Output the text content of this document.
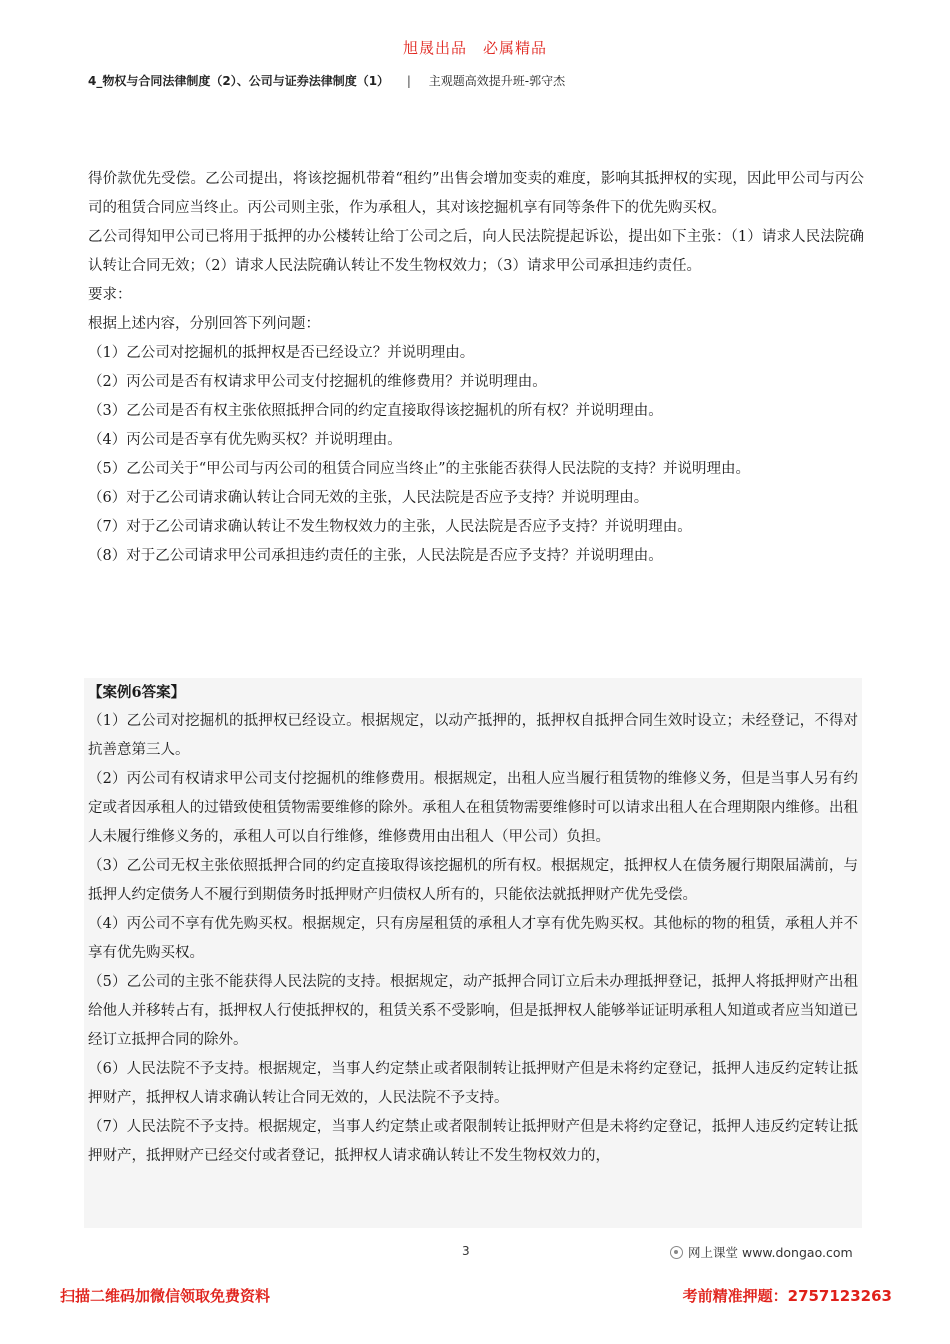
旭晟出品　必属精品
4_物权与合同法律制度（2）、公司与证券法律制度（1） | 主观题高效提升班-郭守杰

得价款优先受偿。乙公司提出，将该挖掘机带着“租约”出售会增加变卖的难度，影响其抵押权的实现，因此甲公司与丙公司的租赁合同应当终止。丙公司则主张，作为承租人，其对该挖掘机享有同等条件下的优先购买权。

乙公司得知甲公司已将用于抵押的办公楼转让给丁公司之后，向人民法院提起诉讼，提出如下主张：（1）请求人民法院确认转让合同无效；（2）请求人民法院确认转让不发生物权效力；（3）请求甲公司承担违约责任。

要求：

根据上述内容，分别回答下列问题：

（1）乙公司对挖掘机的抵押权是否已经设立？并说明理由。

（2）丙公司是否有权请求甲公司支付挖掘机的维修费用？并说明理由。

（3）乙公司是否有权主张依照抵押合同的约定直接取得该挖掘机的所有权？并说明理由。

（4）丙公司是否享有优先购买权？并说明理由。

（5）乙公司关于“甲公司与丙公司的租赁合同应当终止”的主张能否获得人民法院的支持？并说明理由。

（6）对于乙公司请求确认转让合同无效的主张，人民法院是否应予支持？并说明理由。

（7）对于乙公司请求确认转让不发生物权效力的主张，人民法院是否应予支持？并说明理由。

（8）对于乙公司请求甲公司承担违约责任的主张，人民法院是否应予支持？并说明理由。

【案例6答案】

（1）乙公司对挖掘机的抵押权已经设立。根据规定，以动产抵押的，抵押权自抵押合同生效时设立；未经登记，不得对抗善意第三人。

（2）丙公司有权请求甲公司支付挖掘机的维修费用。根据规定，出租人应当履行租赁物的维修义务，但是当事人另有约定或者因承租人的过错致使租赁物需要维修的除外。承租人在租赁物需要维修时可以请求出租人在合理期限内维修。出租人未履行维修义务的，承租人可以自行维修，维修费用由出租人（甲公司）负担。

（3）乙公司无权主张依照抵押合同的约定直接取得该挖掘机的所有权。根据规定，抵押权人在债务履行期限届满前，与抵押人约定债务人不履行到期债务时抵押财产归债权人所有的，只能依法就抵押财产优先受偿。

（4）丙公司不享有优先购买权。根据规定，只有房屋租赁的承租人才享有优先购买权。其他标的物的租赁，承租人并不享有优先购买权。

（5）乙公司的主张不能获得人民法院的支持。根据规定，动产抵押合同订立后未办理抵押登记，抵押人将抵押财产出租给他人并移转占有，抵押权人行使抵押权的，租赁关系不受影响，但是抵押权人能够举证证明承租人知道或者应当知道已经订立抵押合同的除外。

（6）人民法院不予支持。根据规定，当事人约定禁止或者限制转让抵押财产但是未将约定登记，抵押人违反约定转让抵押财产，抵押权人请求确认转让合同无效的，人民法院不予支持。

（7）人民法院不予支持。根据规定，当事人约定禁止或者限制转让抵押财产但是未将约定登记，抵押人违反约定转让抵押财产，抵押财产已经交付或者登记，抵押权人请求确认转让不发生物权效力的，

3	网上课堂 www.dongao.com
扫描二维码加微信领取免费资料	考前精准押题：2757123263
